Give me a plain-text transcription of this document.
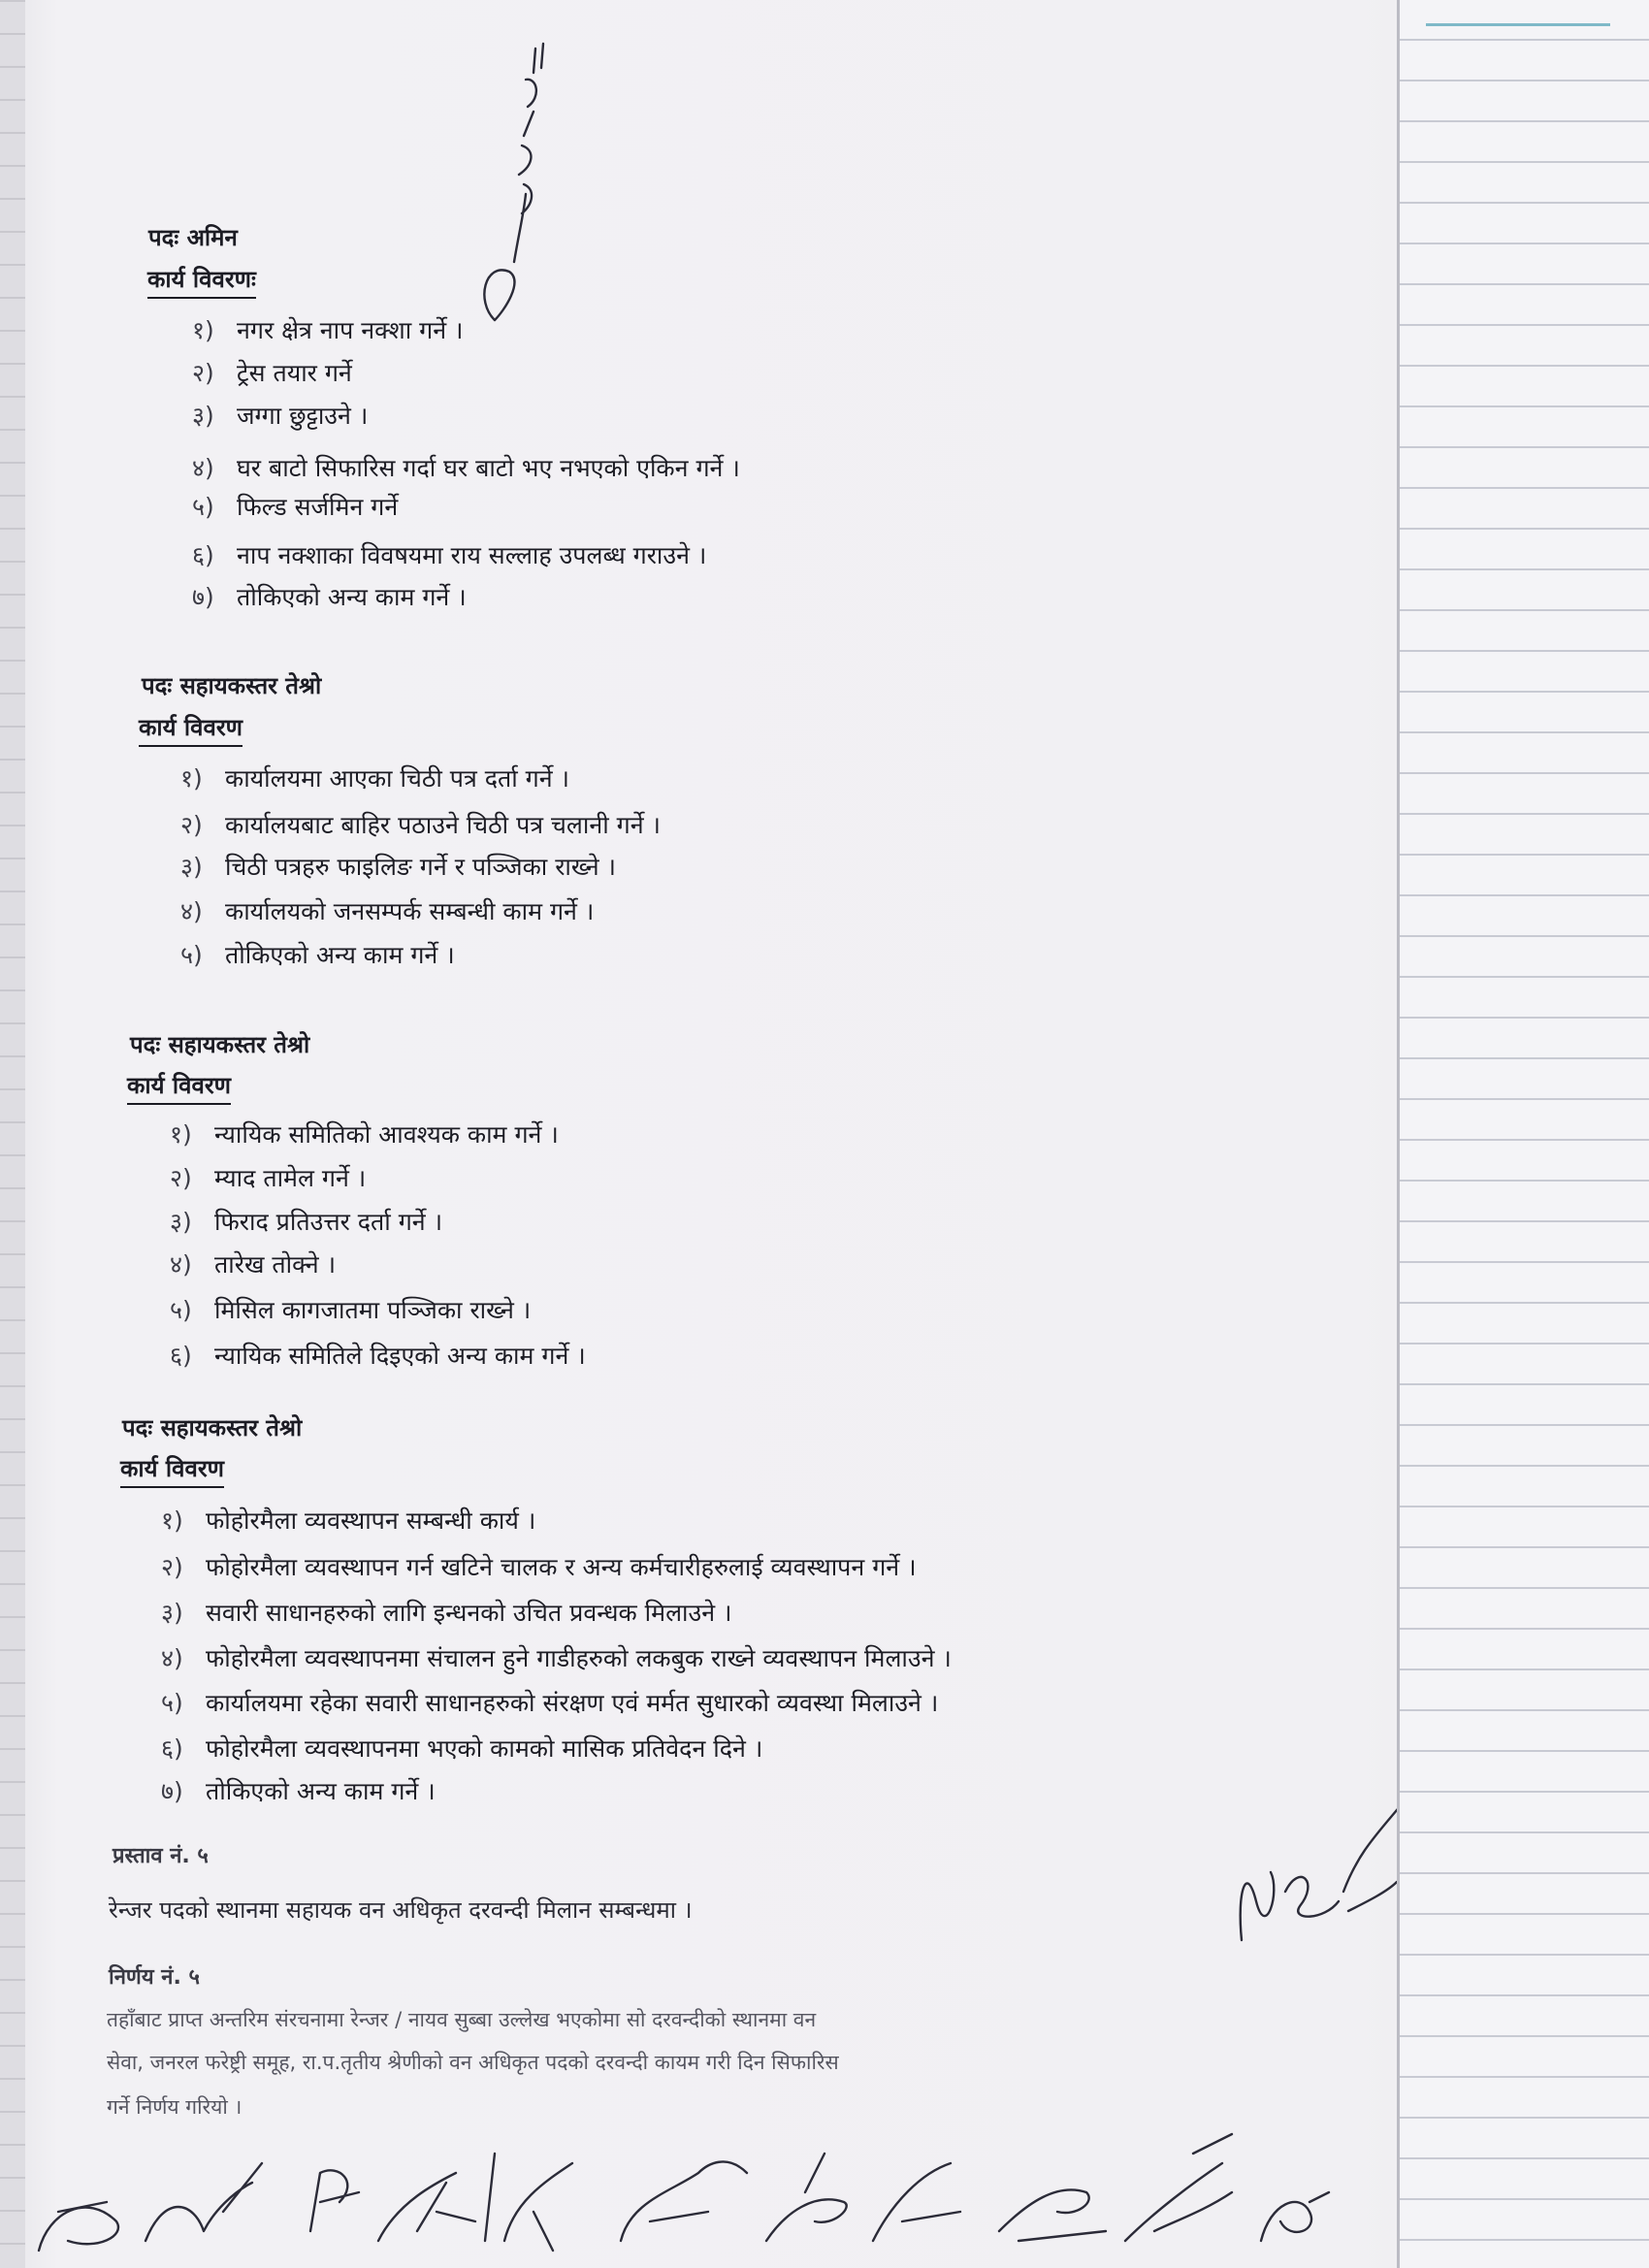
पदः अमिन
कार्य विवरणः
१) नगर क्षेत्र नाप नक्शा गर्ने ।
२) ट्रेस तयार गर्ने
३) जग्गा छुट्टाउने ।
४) घर बाटो सिफारिस गर्दा घर बाटो भए नभएको एकिन गर्ने ।
५) फिल्ड सर्जमिन गर्ने
६) नाप नक्शाका विवषयमा राय सल्लाह उपलब्ध गराउने ।
७) तोकिएको अन्य काम गर्ने ।
पदः सहायकस्तर तेश्रो
कार्य विवरण
१) कार्यालयमा आएका चिठी पत्र दर्ता गर्ने ।
२) कार्यालयबाट बाहिर पठाउने चिठी पत्र चलानी गर्ने ।
३) चिठी पत्रहरु फाइलिङ गर्ने र पञ्जिका राख्ने ।
४) कार्यालयको जनसम्पर्क सम्बन्धी काम गर्ने ।
५) तोकिएको अन्य काम गर्ने ।
पदः सहायकस्तर तेश्रो
कार्य विवरण
१) न्यायिक समितिको आवश्यक काम गर्ने ।
२) म्याद तामेल गर्ने ।
३) फिराद प्रतिउत्तर दर्ता गर्ने ।
४) तारेख तोक्ने ।
५) मिसिल कागजातमा पञ्जिका राख्ने ।
६) न्यायिक समितिले दिइएको अन्य काम गर्ने ।
पदः सहायकस्तर तेश्रो
कार्य विवरण
१) फोहोरमैला व्यवस्थापन सम्बन्धी कार्य ।
२) फोहोरमैला व्यवस्थापन गर्न खटिने चालक र अन्य कर्मचारीहरुलाई व्यवस्थापन गर्ने ।
३) सवारी साधानहरुको लागि इन्धनको उचित प्रवन्धक मिलाउने ।
४) फोहोरमैला व्यवस्थापनमा संचालन हुने गाडीहरुको लकबुक राख्ने व्यवस्थापन मिलाउने ।
५) कार्यालयमा रहेका सवारी साधानहरुको संरक्षण एवं मर्मत सुधारको व्यवस्था मिलाउने ।
६) फोहोरमैला व्यवस्थापनमा भएको कामको मासिक प्रतिवेदन दिने ।
७) तोकिएको अन्य काम गर्ने ।
प्रस्ताव नं. ५
रेन्जर पदको स्थानमा सहायक वन अधिकृत दरवन्दी मिलान सम्बन्धमा ।
निर्णय नं. ५
तहाँबाट प्राप्त अन्तरिम संरचनामा रेन्जर / नायव सुब्बा उल्लेख भएकोमा सो दरवन्दीको स्थानमा वन
सेवा, जनरल फरेष्ट्री समूह, रा.प.तृतीय श्रेणीको वन अधिकृत पदको दरवन्दी कायम गरी दिन सिफारिस
गर्ने निर्णय गरियो ।
